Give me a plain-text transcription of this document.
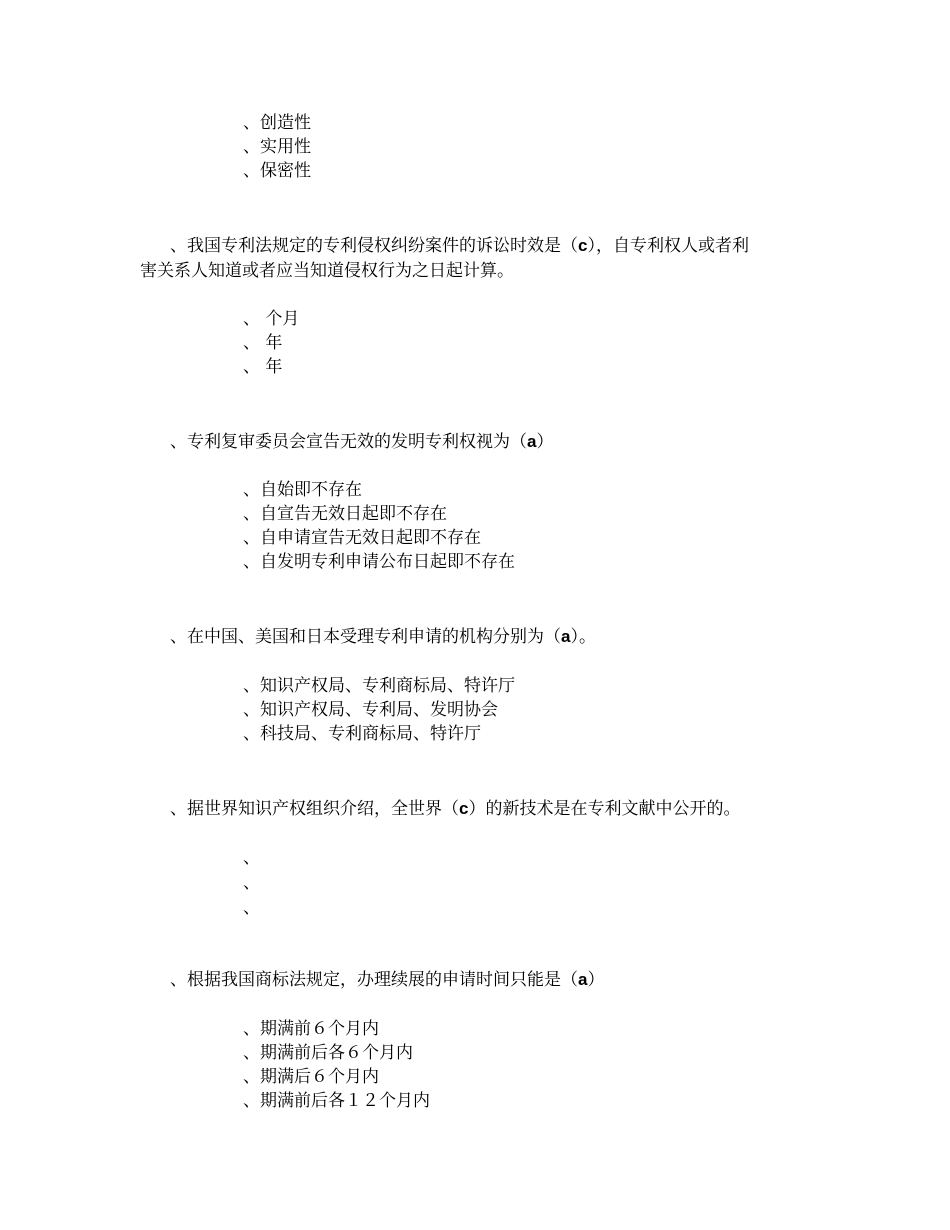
、创造性
、实用性
、保密性
、我国专利法规定的专利侵权纠纷案件的诉讼时效是（c），自专利权人或者利
害关系人知道或者应当知道侵权行为之日起计算。
、 个月
、 年
、 年
、专利复审委员会宣告无效的发明专利权视为（a）
、自始即不存在
、自宣告无效日起即不存在
、自申请宣告无效日起即不存在
、自发明专利申请公布日起即不存在
、在中国、美国和日本受理专利申请的机构分别为（a）。
、知识产权局、专利商标局、特许厅
、知识产权局、专利局、发明协会
、科技局、专利商标局、特许厅
、据世界知识产权组织介绍，全世界（c）的新技术是在专利文献中公开的。
、
、
、
、根据我国商标法规定，办理续展的申请时间只能是（a）
、期满前６个月内
、期满前后各６个月内
、期满后６个月内
、期满前后各１２个月内
